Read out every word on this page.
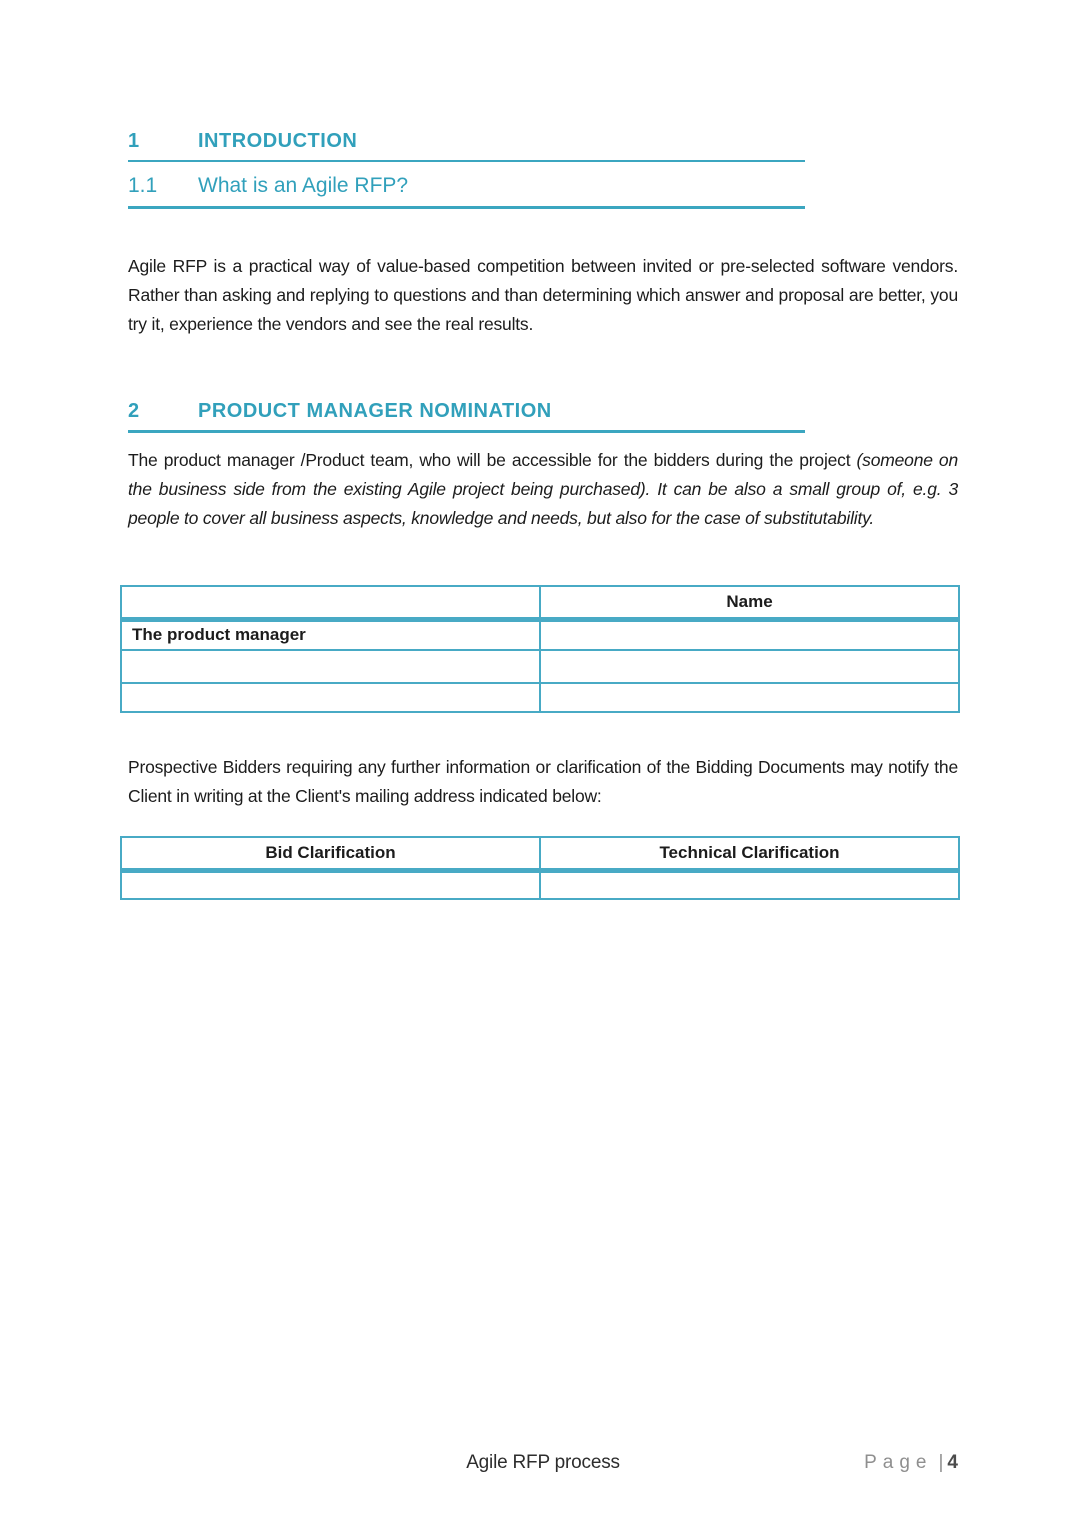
1	INTRODUCTION
1.1	What is an Agile RFP?

Agile RFP is a practical way of value-based competition between invited or pre-selected software vendors. Rather than asking and replying to questions and than determining which answer and proposal are better, you try it, experience the vendors and see the real results.

2	PRODUCT MANAGER NOMINATION

The product manager /Product team, who will be accessible for the bidders during the project (someone on the business side from the existing Agile project being purchased). It can be also a small group of, e.g. 3 people to cover all business aspects, knowledge and needs, but also for the case of substitutability.

	Name
The product manager	

Prospective Bidders requiring any further information or clarification of the Bidding Documents may notify the Client in writing at the Client's mailing address indicated below:

Bid Clarification	Technical Clarification

Agile RFP process	Page | 4
